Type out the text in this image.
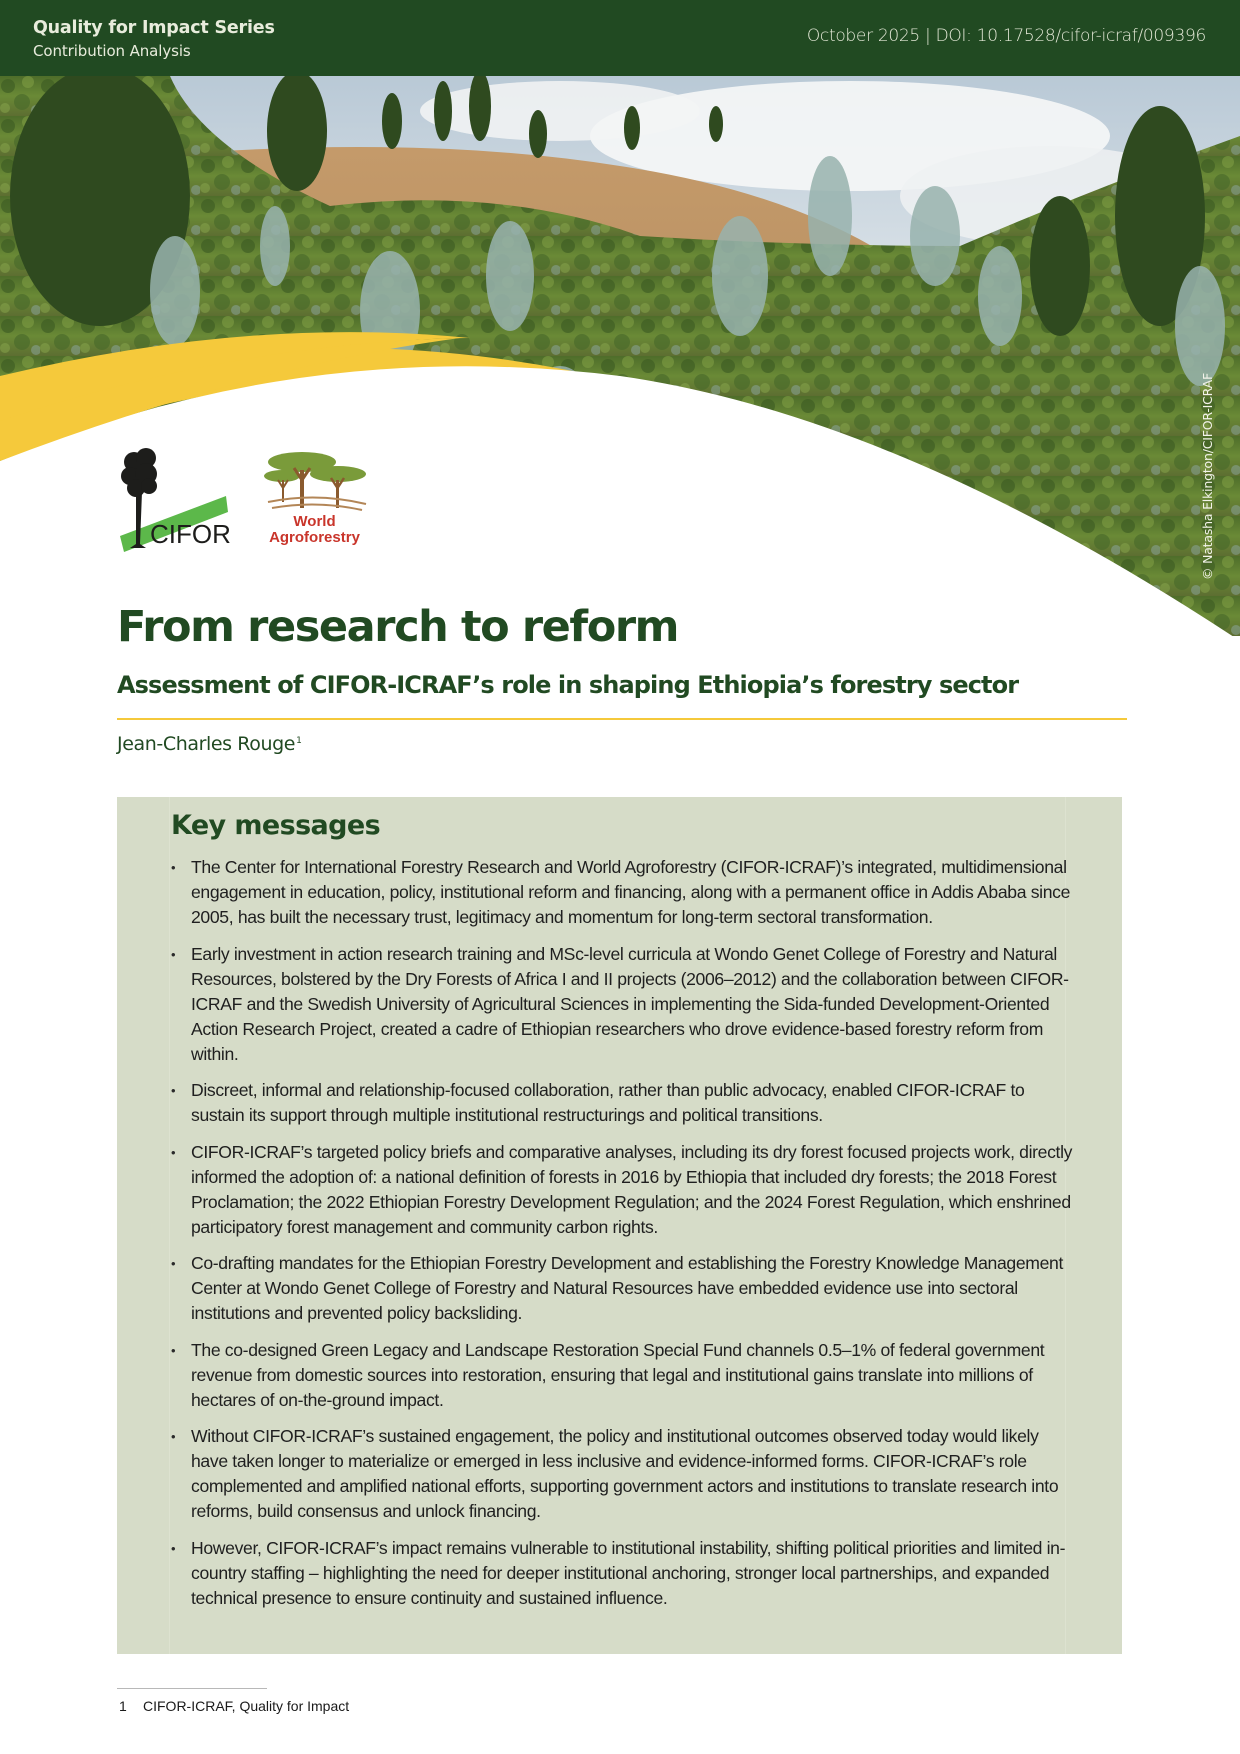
Quality for Impact Series
Contribution Analysis
October 2025 | DOI: 10.17528/cifor-icraf/009396
© Natasha Elkington/CIFOR-ICRAF
CIFOR	World
Agroforestry
From research to reform
Assessment of CIFOR-ICRAF’s role in shaping Ethiopia’s forestry sector
Jean-Charles Rouge$^1$
Key messages
• The Center for International Forestry Research and World Agroforestry (CIFOR-ICRAF)’s integrated, multidimensional engagement in education, policy, institutional reform and financing, along with a permanent office in Addis Ababa since 2005, has built the necessary trust, legitimacy and momentum for long-term sectoral transformation.
• Early investment in action research training and MSc-level curricula at Wondo Genet College of Forestry and Natural Resources, bolstered by the Dry Forests of Africa I and II projects (2006–2012) and the collaboration between CIFOR-ICRAF and the Swedish University of Agricultural Sciences in implementing the Sida-funded Development-Oriented Action Research Project, created a cadre of Ethiopian researchers who drove evidence-based forestry reform from within.
• Discreet, informal and relationship-focused collaboration, rather than public advocacy, enabled CIFOR-ICRAF to sustain its support through multiple institutional restructurings and political transitions.
• CIFOR-ICRAF’s targeted policy briefs and comparative analyses, including its dry forest focused projects work, directly informed the adoption of: a national definition of forests in 2016 by Ethiopia that included dry forests; the 2018 Forest Proclamation; the 2022 Ethiopian Forestry Development Regulation; and the 2024 Forest Regulation, which enshrined participatory forest management and community carbon rights.
• Co-drafting mandates for the Ethiopian Forestry Development and establishing the Forestry Knowledge Management Center at Wondo Genet College of Forestry and Natural Resources have embedded evidence use into sectoral institutions and prevented policy backsliding.
• The co-designed Green Legacy and Landscape Restoration Special Fund channels 0.5–1% of federal government revenue from domestic sources into restoration, ensuring that legal and institutional gains translate into millions of hectares of on-the-ground impact.
• Without CIFOR-ICRAF’s sustained engagement, the policy and institutional outcomes observed today would likely have taken longer to materialize or emerged in less inclusive and evidence-informed forms. CIFOR-ICRAF’s role complemented and amplified national efforts, supporting government actors and institutions to translate research into reforms, build consensus and unlock financing.
• However, CIFOR-ICRAF’s impact remains vulnerable to institutional instability, shifting political priorities and limited in-country staffing – highlighting the need for deeper institutional anchoring, stronger local partnerships, and expanded technical presence to ensure continuity and sustained influence.
1 CIFOR-ICRAF, Quality for Impact
